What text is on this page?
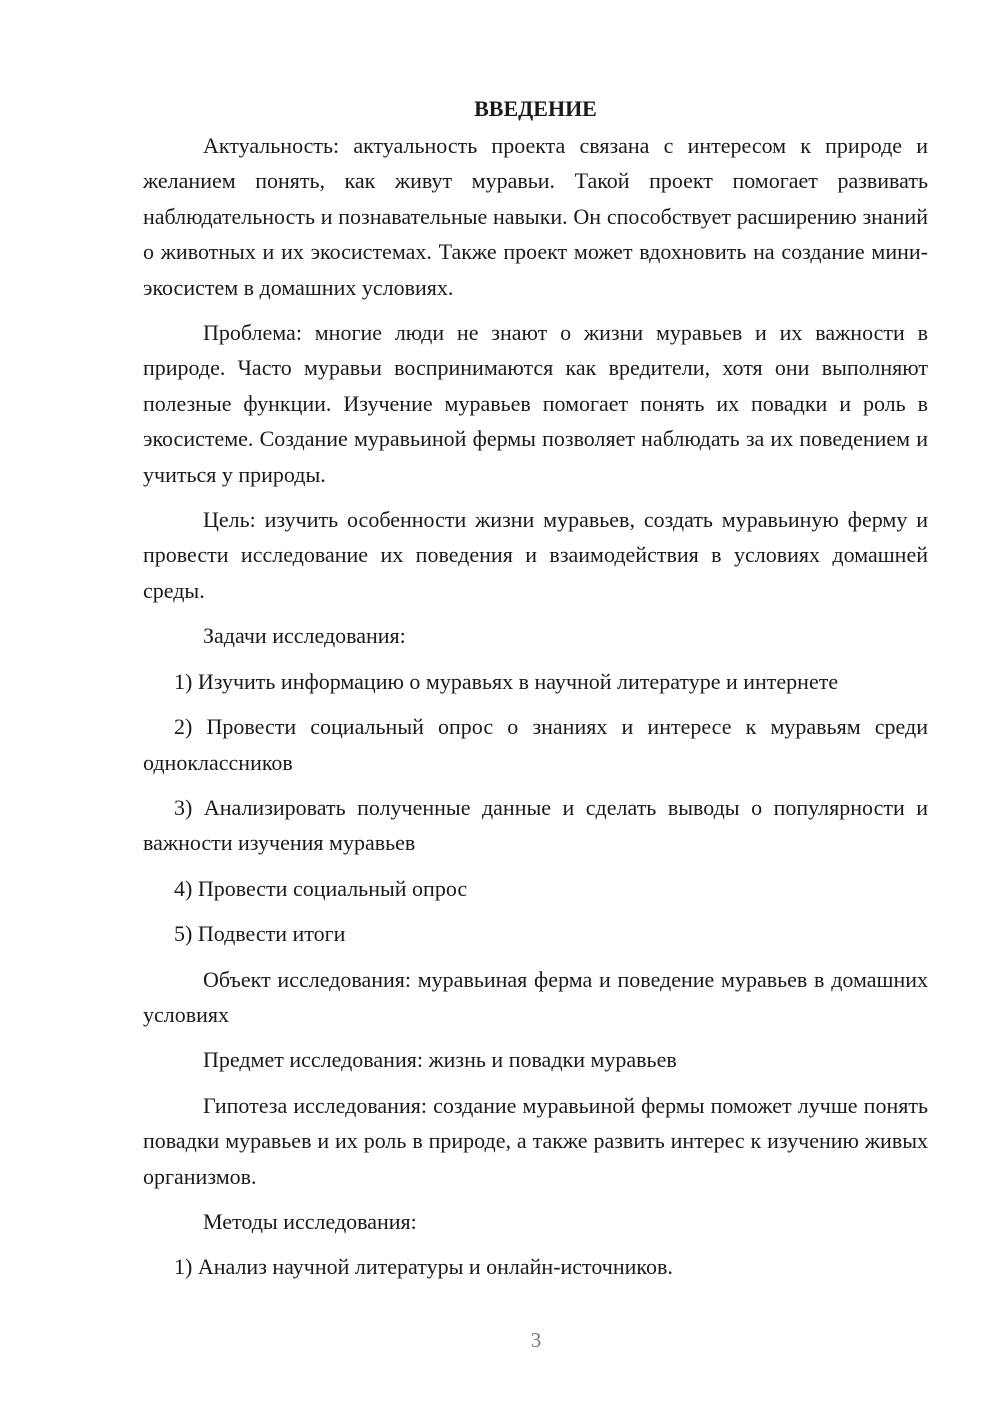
ВВЕДЕНИЕ

Актуальность: актуальность проекта связана с интересом к природе и желанием понять, как живут муравьи. Такой проект помогает развивать наблюдательность и познавательные навыки. Он способствует расширению знаний о животных и их экосистемах. Также проект может вдохновить на создание мини-экосистем в домашних условиях.

Проблема: многие люди не знают о жизни муравьев и их важности в природе. Часто муравьи воспринимаются как вредители, хотя они выполняют полезные функции. Изучение муравьев помогает понять их повадки и роль в экосистеме. Создание муравьиной фермы позволяет наблюдать за их поведением и учиться у природы.

Цель: изучить особенности жизни муравьев, создать муравьиную ферму и провести исследование их поведения и взаимодействия в условиях домашней среды.

Задачи исследования:

1) Изучить информацию о муравьях в научной литературе и интернете

2) Провести социальный опрос о знаниях и интересе к муравьям среди одноклассников

3) Анализировать полученные данные и сделать выводы о популярности и важности изучения муравьев

4) Провести социальный опрос

5) Подвести итоги

Объект исследования: муравьиная ферма и поведение муравьев в домашних условиях

Предмет исследования: жизнь и повадки муравьев

Гипотеза исследования: создание муравьиной фермы поможет лучше понять повадки муравьев и их роль в природе, а также развить интерес к изучению живых организмов.

Методы исследования:

1) Анализ научной литературы и онлайн-источников.

3
